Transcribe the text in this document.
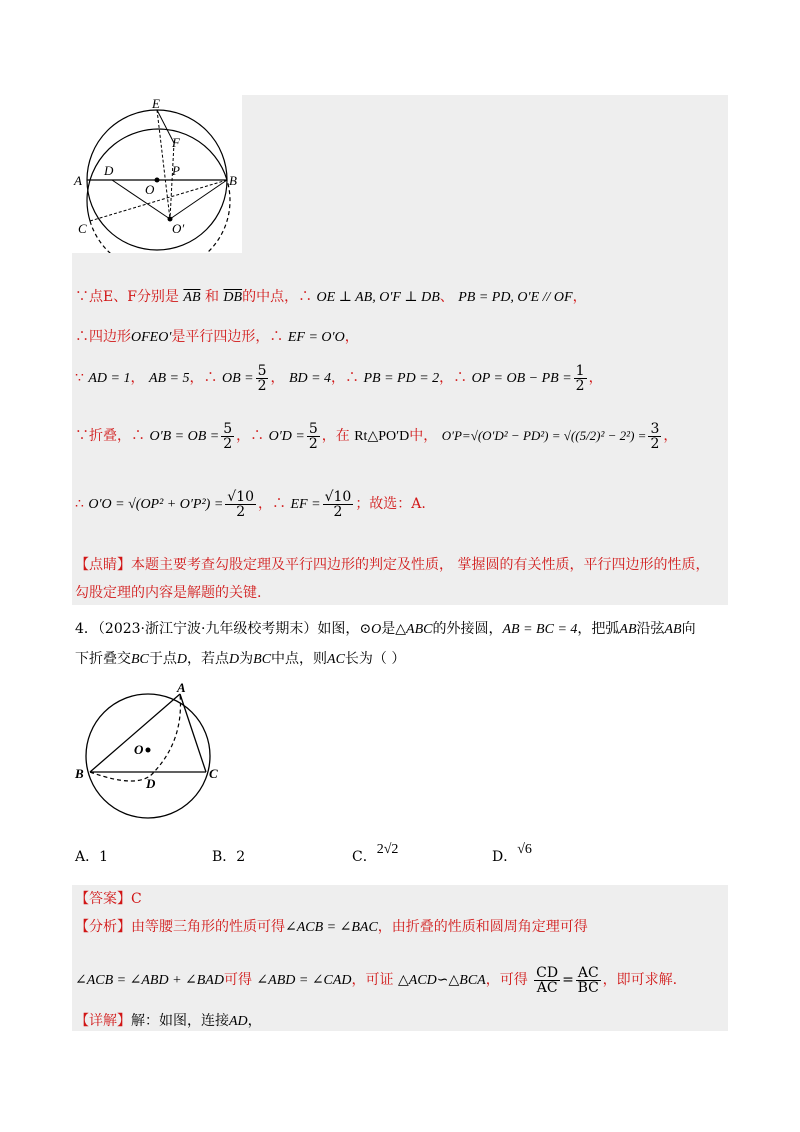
E
F
D	P
A
O
B
C	O′
∵点E、F分别是 $\overline{AB}$ 和 $\overline{DB}$的中点，∴ OE ⊥ AB, O′F ⊥ DB、 PB = PD, O′E // OF，
∴四边形OFEO′是平行四边形，∴ EF = O′O，
∵ AD = 1， AB = 5，∴ OB = $\frac{5}{2}$ ， BD = 4，∴ PB = PD = 2，∴ OP = OB − PB = $\frac{1}{2}$ ，
∵折叠，∴ O′B = OB = $\frac{5}{2}$ ，∴ $O'D = \frac{5}{2}$ ，在 Rt△PO′D中， $O'P=√(O'D^2 - PD^2) = √((5/2)^2 - 2^2) = \frac{3}{2}$ ，
∴ $O'O = √(OP^2 + O'P^2) = \frac{√10}{2}$ ，∴ EF = $\frac{√10}{2}$ ；故选：A.
【点睛】本题主要考查勾股定理及平行四边形的判定及性质， 掌握圆的有关性质，平行四边形的性质，
勾股定理的内容是解题的关键.
4．（2023·浙江宁波·九年级校考期末）如图，⊙O是△ABC的外接圆，AB = BC = 4，把弧AB沿弦AB向
下折叠交BC于点D，若点D为BC中点，则AC长为（ ）
A
B	C
D
O
A．1	B．2	C．2√2	D．√6
【答案】C
【分析】由等腰三角形的性质可得∠ACB = ∠BAC，由折叠的性质和圆周角定理可得
∠ACB = ∠ABD + ∠BAD可得 ∠ABD = ∠CAD，可证 △ACD∽△BCA，可得 $\frac{CD}{AC} = \frac{AC}{BC}$ ，即可求解.
【详解】解：如图，连接AD，
